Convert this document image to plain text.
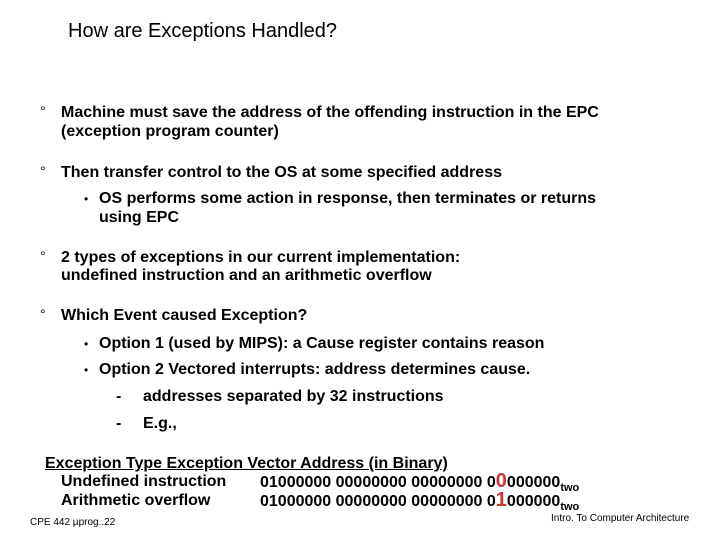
How are Exceptions Handled?
° Machine must save the address of the offending instruction in the EPC
(exception program counter)
° Then transfer control to the OS at some specified address
• OS performs some action in response, then terminates or returns
using EPC
° 2 types of exceptions in our current implementation:
undefined instruction and an arithmetic overflow
° Which Event caused Exception?
• Option 1 (used by MIPS): a Cause register contains reason
• Option 2 Vectored interrupts: address determines cause.
- addresses separated by 32 instructions
- E.g.,
Exception Type Exception Vector Address (in Binary)
Undefined instruction 01000000 00000000 00000000 $00000000_{two}$
Arithmetic overflow	01000000 00000000 00000000 $01000000_{two}$
CPE 442 µprog..22	Intro. To Computer Architecture
